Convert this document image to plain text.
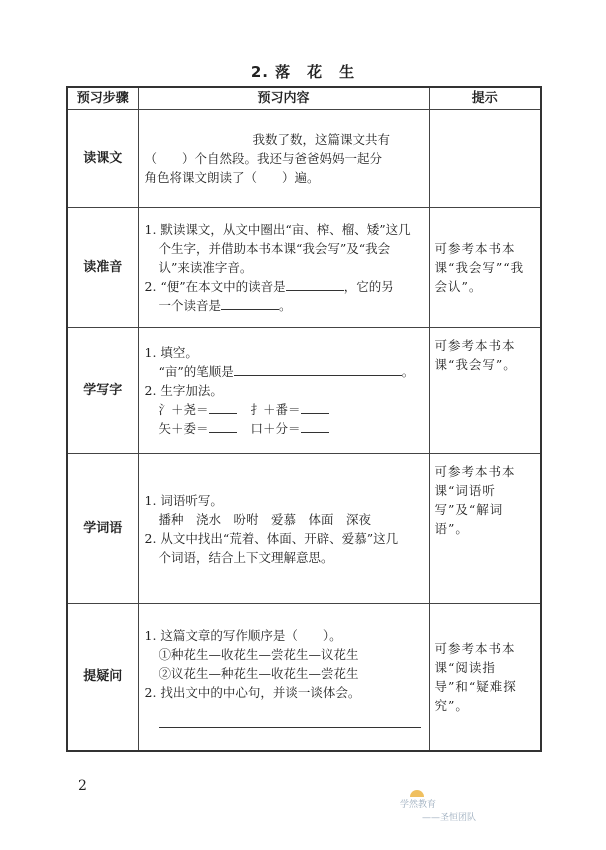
2. 落　花　生
预习步骤	预习内容	提示
读课文	我数了数，这篇课文共有
（　　）个自然段。我还与爸爸妈妈一起分
角色将课文朗读了（　　）遍。	

读准音	1. 默读课文，从文中圈出“亩、榨、榴、矮”这几
个生字，并借助本书本课“我会写”及“我会
认”来读准字音。
2. “便”在本文中的读音是 ，它的另
一个读音是 。	可参考本书本课“我会写”“我会认”。
学写字	1. 填空。
“亩”的笔顺是 。
2. 生字加法。
氵＋尧＝ 扌＋番＝
矢＋委＝ 口＋分＝	可参考本书本课“我会写”。
学词语	1. 词语听写。
播种　浇水　吩咐　爱慕　体面　深夜
2. 从文中找出“荒着、体面、开辟、爱慕”这几
个词语，结合上下文理解意思。	可参考本书本课“词语听写”及“解词语”。
提疑问	1. 这篇文章的写作顺序是（　　）。
①种花生—收花生—尝花生—议花生
②议花生—种花生—收花生—尝花生
2. 找出文中的中心句，并谈一谈体会。	可参考本书本课“阅读指导”和“疑难探究”。
2
学然教育
——圣恒团队
